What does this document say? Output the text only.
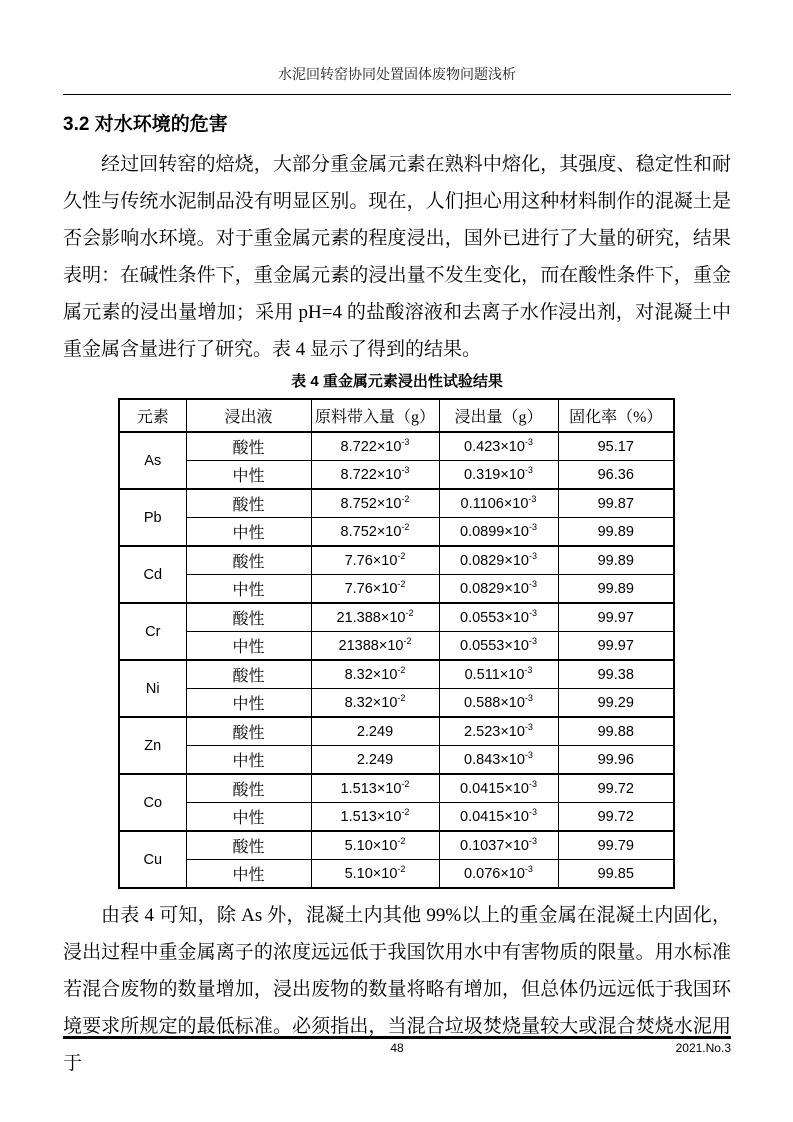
水泥回转窑协同处置固体废物问题浅析
3.2 对水环境的危害

经过回转窑的焙烧，大部分重金属元素在熟料中熔化，其强度、稳定性和耐久性与传统水泥制品没有明显区别。现在，人们担心用这种材料制作的混凝土是否会影响水环境。对于重金属元素的程度浸出，国外已进行了大量的研究，结果表明：在碱性条件下，重金属元素的浸出量不发生变化，而在酸性条件下，重金属元素的浸出量增加；采用 pH=4 的盐酸溶液和去离子水作浸出剂，对混凝土中重金属含量进行了研究。表 4 显示了得到的结果。

表 4 重金属元素浸出性试验结果
元素	浸出液	原料带入量（g）	浸出量（g）	固化率（%）
As	酸性	$8.722\times 10^{-3}$	$0.423\times 10^{-3}$	95.17
	中性	$8.722\times 10^{-3}$	$0.319\times 10^{-3}$	96.36
Pb	酸性	$8.752\times 10^{-2}$	$0.1106\times 10^{-3}$	99.87
	中性	$8.752\times 10^{-2}$	$0.0899\times 10^{-3}$	99.89
Cd	酸性	$7.76\times 10^{-2}$	$0.0829\times 10^{-3}$	99.89
	中性	$7.76\times 10^{-2}$	$0.0829\times 10^{-3}$	99.89
Cr	酸性	$21.388\times 10^{-2}$	$0.0553\times 10^{-3}$	99.97
	中性	$21388\times 10^{-2}$	$0.0553\times 10^{-3}$	99.97
Ni	酸性	$8.32\times 10^{-2}$	$0.511\times 10^{-3}$	99.38
	中性	$8.32\times 10^{-2}$	$0.588\times 10^{-3}$	99.29
Zn	酸性	2.249	$2.523\times 10^{-3}$	99.88
	中性	2.249	$0.843\times 10^{-3}$	99.96
Co	酸性	$1.513\times 10^{-2}$	$0.0415\times 10^{-3}$	99.72
	中性	$1.513\times 10^{-2}$	$0.0415\times 10^{-3}$	99.72
Cu	酸性	$5.10\times 10^{-2}$	$0.1037\times 10^{-3}$	99.79
	中性	$5.10\times 10^{-2}$	$0.076\times 10^{-3}$	99.85

由表 4 可知，除 As 外，混凝土内其他 99%以上的重金属在混凝土内固化，浸出过程中重金属离子的浓度远远低于我国饮用水中有害物质的限量。用水标准若混合废物的数量增加，浸出废物的数量将略有增加，但总体仍远远低于我国环境要求所规定的最低标准。必须指出，当混合垃圾焚烧量较大或混合焚烧水泥用于

48	2021.No.3
